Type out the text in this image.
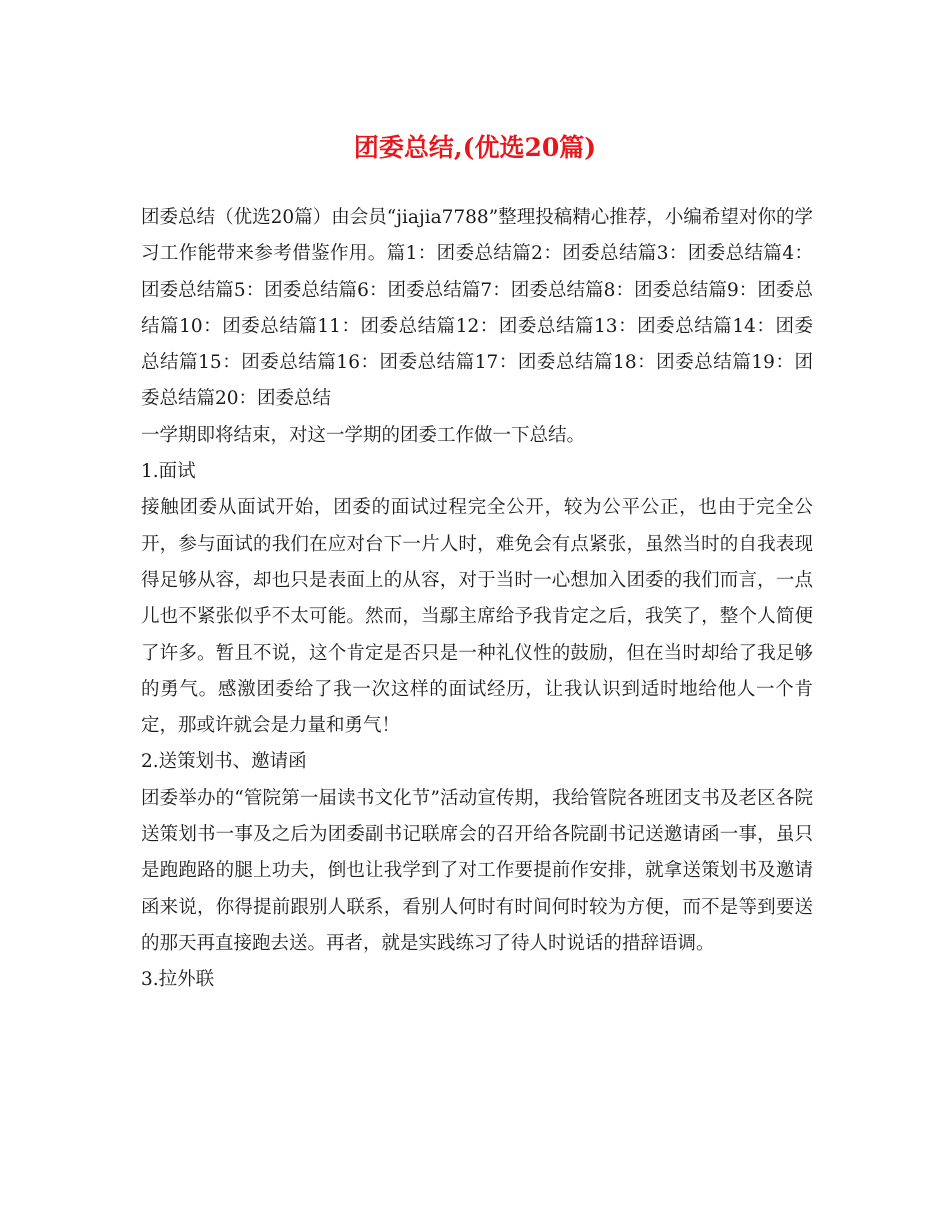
团委总结,(优选20篇)

团委总结（优选20篇）由会员“jiajia7788”整理投稿精心推荐，小编希望对你的学习工作能带来参考借鉴作用。篇1：团委总结篇2：团委总结篇3：团委总结篇4：团委总结篇5：团委总结篇6：团委总结篇7：团委总结篇8：团委总结篇9：团委总结篇10：团委总结篇11：团委总结篇12：团委总结篇13：团委总结篇14：团委总结篇15：团委总结篇16：团委总结篇17：团委总结篇18：团委总结篇19：团委总结篇20：团委总结

一学期即将结束，对这一学期的团委工作做一下总结。

1.面试

接触团委从面试开始，团委的面试过程完全公开，较为公平公正，也由于完全公开，参与面试的我们在应对台下一片人时，难免会有点紧张，虽然当时的自我表现得足够从容，却也只是表面上的从容，对于当时一心想加入团委的我们而言，一点儿也不紧张似乎不太可能。然而，当鄢主席给予我肯定之后，我笑了，整个人简便了许多。暂且不说，这个肯定是否只是一种礼仪性的鼓励，但在当时却给了我足够的勇气。感激团委给了我一次这样的面试经历，让我认识到适时地给他人一个肯定，那或许就会是力量和勇气！

2.送策划书、邀请函

团委举办的“管院第一届读书文化节”活动宣传期，我给管院各班团支书及老区各院送策划书一事及之后为团委副书记联席会的召开给各院副书记送邀请函一事，虽只是跑跑路的腿上功夫，倒也让我学到了对工作要提前作安排，就拿送策划书及邀请函来说，你得提前跟别人联系，看别人何时有时间何时较为方便，而不是等到要送的那天再直接跑去送。再者，就是实践练习了待人时说话的措辞语调。

3.拉外联
